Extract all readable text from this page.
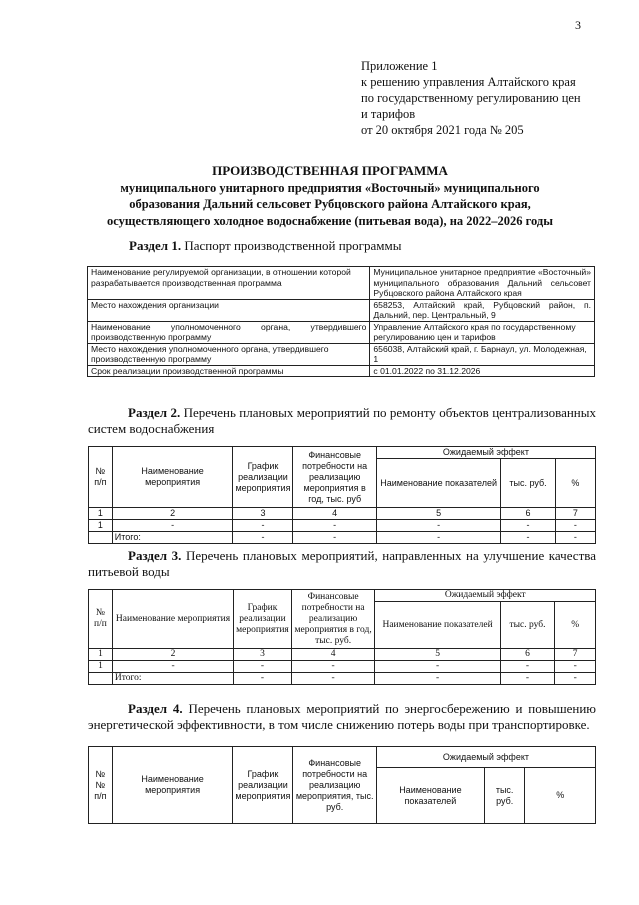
3
Приложение 1
к решению управления Алтайского края
по государственному регулированию цен
и тарифов
от 20 октября 2021 года № 205
ПРОИЗВОДСТВЕННАЯ ПРОГРАММА
муниципального унитарного предприятия «Восточный» муниципального
образования Дальний сельсовет Рубцовского района Алтайского края,
осуществляющего холодное водоснабжение (питьевая вода), на 2022–2026 годы
Раздел 1. Паспорт производственной программы
Наименование регулируемой организации, в отношении которой разрабатывается производственная программа	Муниципальное унитарное предприятие «Восточный» муниципального образования Дальний сельсовет Рубцовского района Алтайского края
Место нахождения организации	658253, Алтайский край, Рубцовский район, п. Дальний, пер. Центральный, 9
Наименование уполномоченного органа, утвердившего производственную программу	Управление Алтайского края по государственному регулированию цен и тарифов
Место нахождения уполномоченного органа, утвердившего производственную программу	656038, Алтайский край, г. Барнаул, ул. Молодежная, 1
Срок реализации производственной программы	с 01.01.2022 по 31.12.2026
Раздел 2. Перечень плановых мероприятий по ремонту объектов централизованных систем водоснабжения
№ п/п	Наименование мероприятия	График реализации мероприятия	Финансовые потребности на реализацию мероприятия в год, тыс. руб	Ожидаемый эффект		
				Наименование показателей	тыс. руб.	%
1	2	3	4	5	6	7
1	-	-	-	-	-	-
	Итого:	-	-	-	-	-
Раздел 3. Перечень плановых мероприятий, направленных на улучшение качества питьевой воды
№ п/п	Наименование мероприятия	График реализации мероприятия	Финансовые потребности на реализацию мероприятия в год, тыс. руб.	Ожидаемый эффект		
				Наименование показателей	тыс. руб.	%
1	2	3	4	5	6	7
1	-	-	-	-	-	-
	Итого:	-	-	-	-	-
Раздел 4. Перечень плановых мероприятий по энергосбережению и повышению энергетической эффективности, в том числе снижению потерь воды при транспортировке.
№№ п/п	Наименование мероприятия	График реализации мероприятия	Финансовые потребности на реализацию мероприятия, тыс. руб.	Ожидаемый эффект		
				Наименование показателей	тыс. руб.	%
